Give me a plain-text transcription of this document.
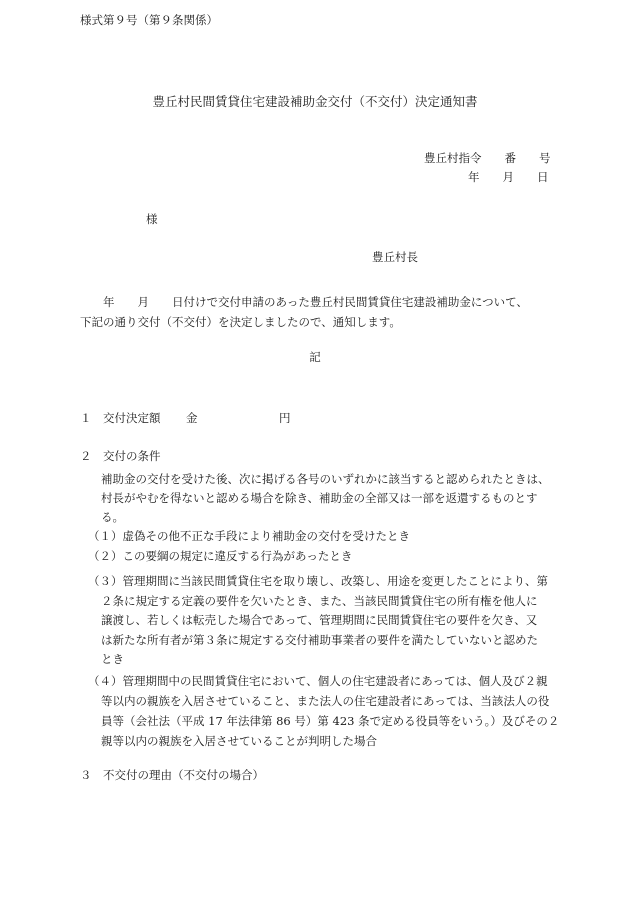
様式第９号（第９条関係）
豊丘村民間賃貸住宅建設補助金交付（不交付）決定通知書
豊丘村指令　　番　　号
年　　月　　日
様
豊丘村長
　　年　　月　　日付けで交付申請のあった豊丘村民間賃貸住宅建設補助金について、
下記の通り交付（不交付）を決定しましたので、通知します。
記
１　交付決定額 金	円
２　交付の条件
補助金の交付を受けた後、次に掲げる各号のいずれかに該当すると認められたときは、
村長がやむを得ないと認める場合を除き、補助金の全部又は一部を返還するものとす
る。
（１）虚偽その他不正な手段により補助金の交付を受けたとき
（２）この要綱の規定に違反する行為があったとき
（３）管理期間に当該民間賃貸住宅を取り壊し、改築し、用途を変更したことにより、第
２条に規定する定義の要件を欠いたとき、また、当該民間賃貸住宅の所有権を他人に
譲渡し、若しくは転売した場合であって、管理期間に民間賃貸住宅の要件を欠き、又
は新たな所有者が第３条に規定する交付補助事業者の要件を満たしていないと認めた
とき
（４）管理期間中の民間賃貸住宅において、個人の住宅建設者にあっては、個人及び２親
等以内の親族を入居させていること、また法人の住宅建設者にあっては、当該法人の役
員等（会社法（平成 17 年法律第 86 号）第 423 条で定める役員等をいう。）及びその２
親等以内の親族を入居させていることが判明した場合
３　不交付の理由（不交付の場合）
